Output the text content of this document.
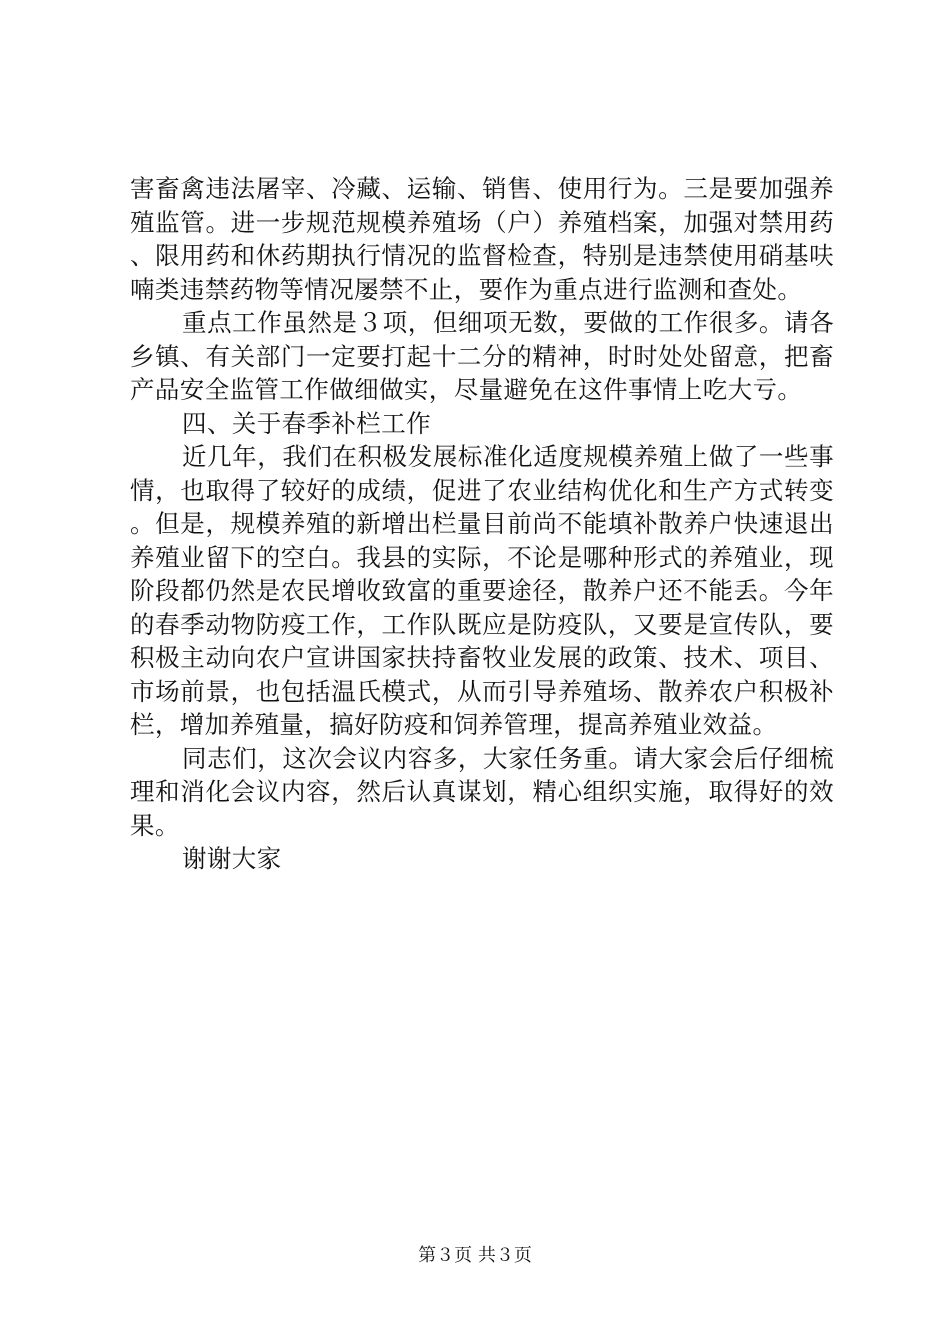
害畜禽违法屠宰、冷藏、运输、销售、使用行为。三是要加强养殖监管。进一步规范规模养殖场（户）养殖档案，加强对禁用药、限用药和休药期执行情况的监督检查，特别是违禁使用硝基呋喃类违禁药物等情况屡禁不止，要作为重点进行监测和查处。

重点工作虽然是３项，但细项无数，要做的工作很多。请各乡镇、有关部门一定要打起十二分的精神，时时处处留意，把畜产品安全监管工作做细做实，尽量避免在这件事情上吃大亏。

四、关于春季补栏工作

近几年，我们在积极发展标准化适度规模养殖上做了一些事情，也取得了较好的成绩，促进了农业结构优化和生产方式转变。但是，规模养殖的新增出栏量目前尚不能填补散养户快速退出养殖业留下的空白。我县的实际，不论是哪种形式的养殖业，现阶段都仍然是农民增收致富的重要途径，散养户还不能丢。今年的春季动物防疫工作，工作队既应是防疫队，又要是宣传队，要积极主动向农户宣讲国家扶持畜牧业发展的政策、技术、项目、市场前景，也包括温氏模式，从而引导养殖场、散养农户积极补栏，增加养殖量，搞好防疫和饲养管理，提高养殖业效益。

同志们，这次会议内容多，大家任务重。请大家会后仔细梳理和消化会议内容，然后认真谋划，精心组织实施，取得好的效果。

谢谢大家

第３页 共３页
